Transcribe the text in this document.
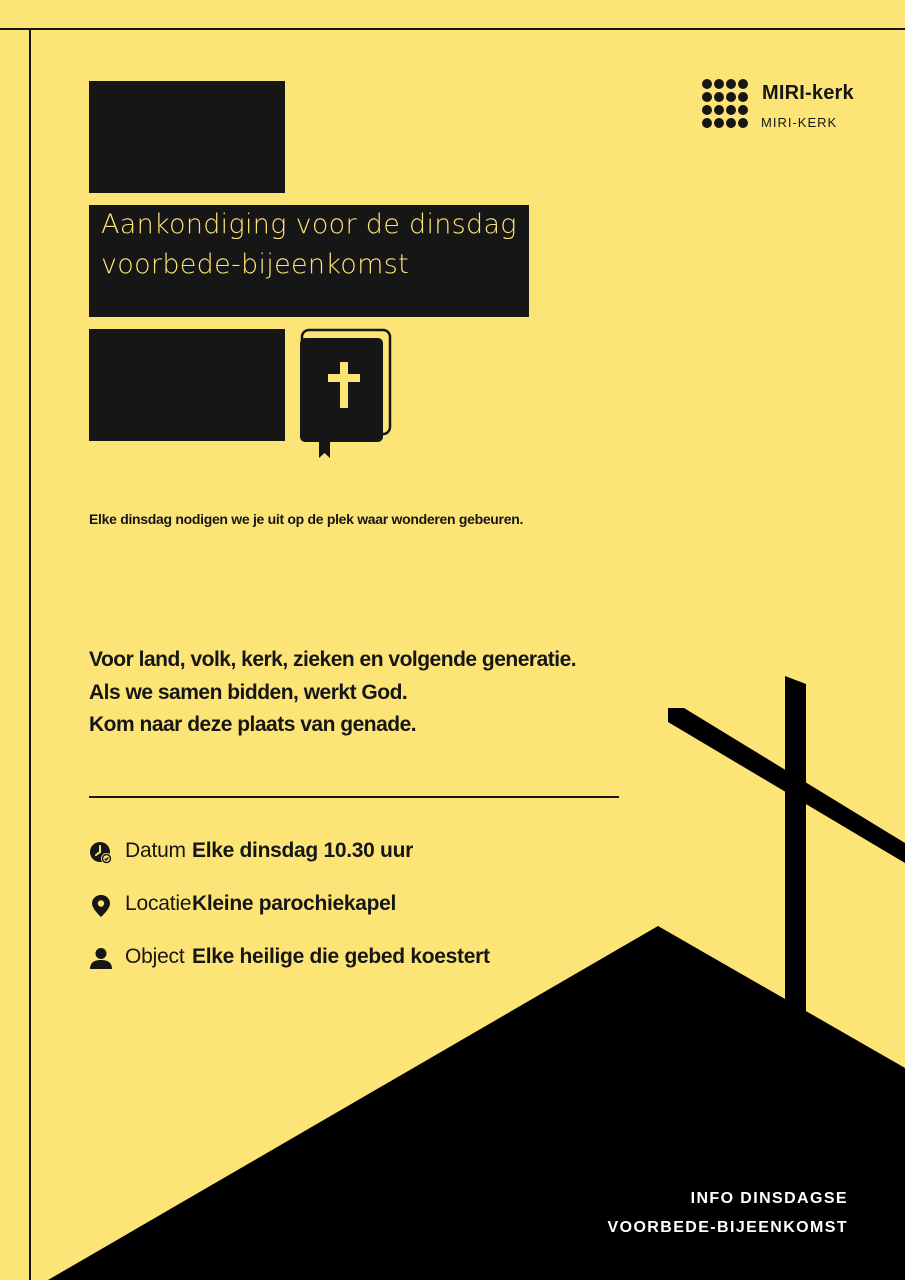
Aankondiging voor de dinsdag
voorbede-bijeenkomst
MIRI-kerk
MIRI-KERK

Elke dinsdag nodigen we je uit op de plek waar wonderen gebeuren.

Voor land, volk, kerk, zieken en volgende generatie.
Als we samen bidden, werkt God.
Kom naar deze plaats van genade.
Datum Elke dinsdag 10.30 uur
Locatie Kleine parochiekapel
Object Elke heilige die gebed koestert
INFO DINSDAGSE
VOORBEDE-BIJEENKOMST
